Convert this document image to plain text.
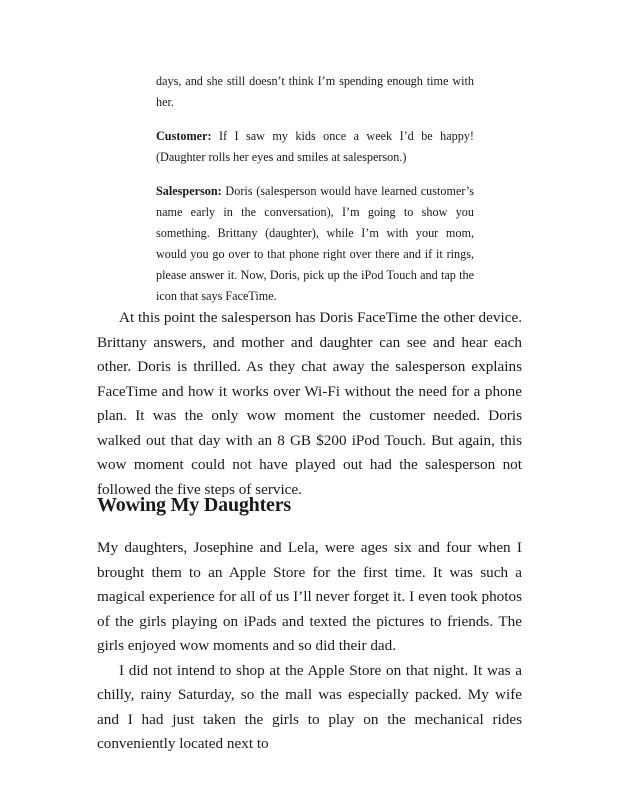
days, and she still doesn’t think I’m spending enough time with her.

Customer: If I saw my kids once a week I’d be happy! (Daughter rolls her eyes and smiles at salesperson.)

Salesperson: Doris (salesperson would have learned customer’s name early in the conversation), I’m going to show you something. Brittany (daughter), while I’m with your mom, would you go over to that phone right over there and if it rings, please answer it. Now, Doris, pick up the iPod Touch and tap the icon that says FaceTime.

At this point the salesperson has Doris FaceTime the other device. Brittany answers, and mother and daughter can see and hear each other. Doris is thrilled. As they chat away the salesperson explains FaceTime and how it works over Wi-Fi without the need for a phone plan. It was the only wow moment the customer needed. Doris walked out that day with an 8 GB $200 iPod Touch. But again, this wow moment could not have played out had the salesperson not followed the five steps of service.

Wowing My Daughters

My daughters, Josephine and Lela, were ages six and four when I brought them to an Apple Store for the first time. It was such a magical experience for all of us I’ll never forget it. I even took photos of the girls playing on iPads and texted the pictures to friends. The girls enjoyed wow moments and so did their dad.

I did not intend to shop at the Apple Store on that night. It was a chilly, rainy Saturday, so the mall was especially packed. My wife and I had just taken the girls to play on the mechanical rides conveniently located next to
